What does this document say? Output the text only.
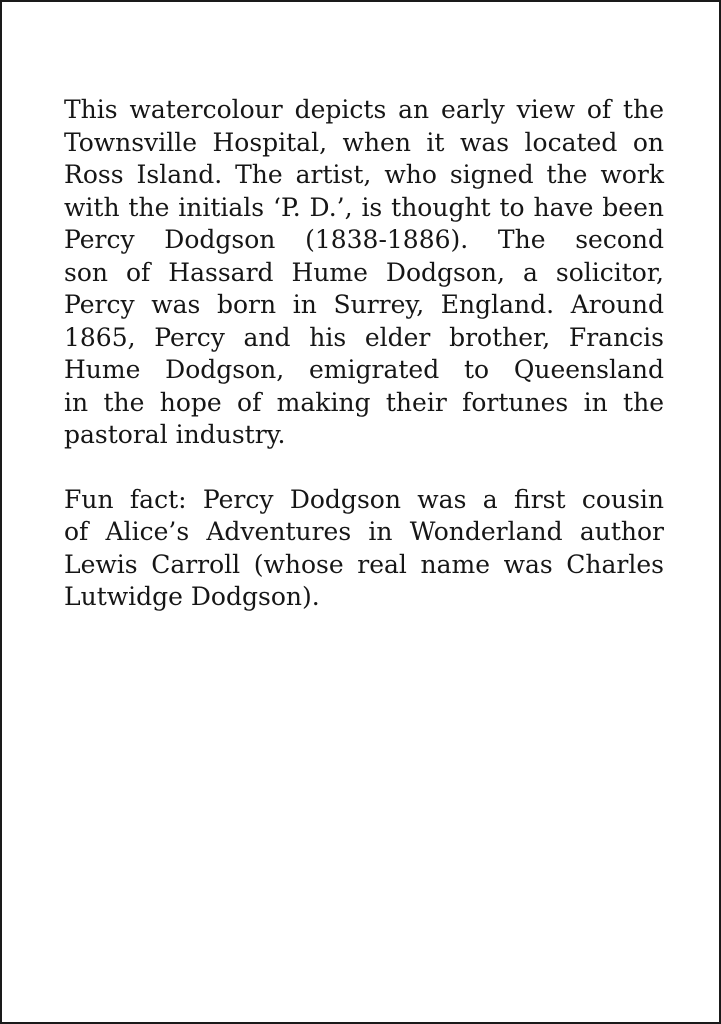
This watercolour depicts an early view of the
Townsville Hospital, when it was located on
Ross Island. The artist, who signed the work
with the initials ‘P. D.’, is thought to have been
Percy Dodgson (1838-1886). The second
son of Hassard Hume Dodgson, a solicitor,
Percy was born in Surrey, England. Around
1865, Percy and his elder brother, Francis
Hume Dodgson, emigrated to Queensland
in the hope of making their fortunes in the
pastoral industry.

Fun fact: Percy Dodgson was a first cousin
of Alice’s Adventures in Wonderland author
Lewis Carroll (whose real name was Charles
Lutwidge Dodgson).
